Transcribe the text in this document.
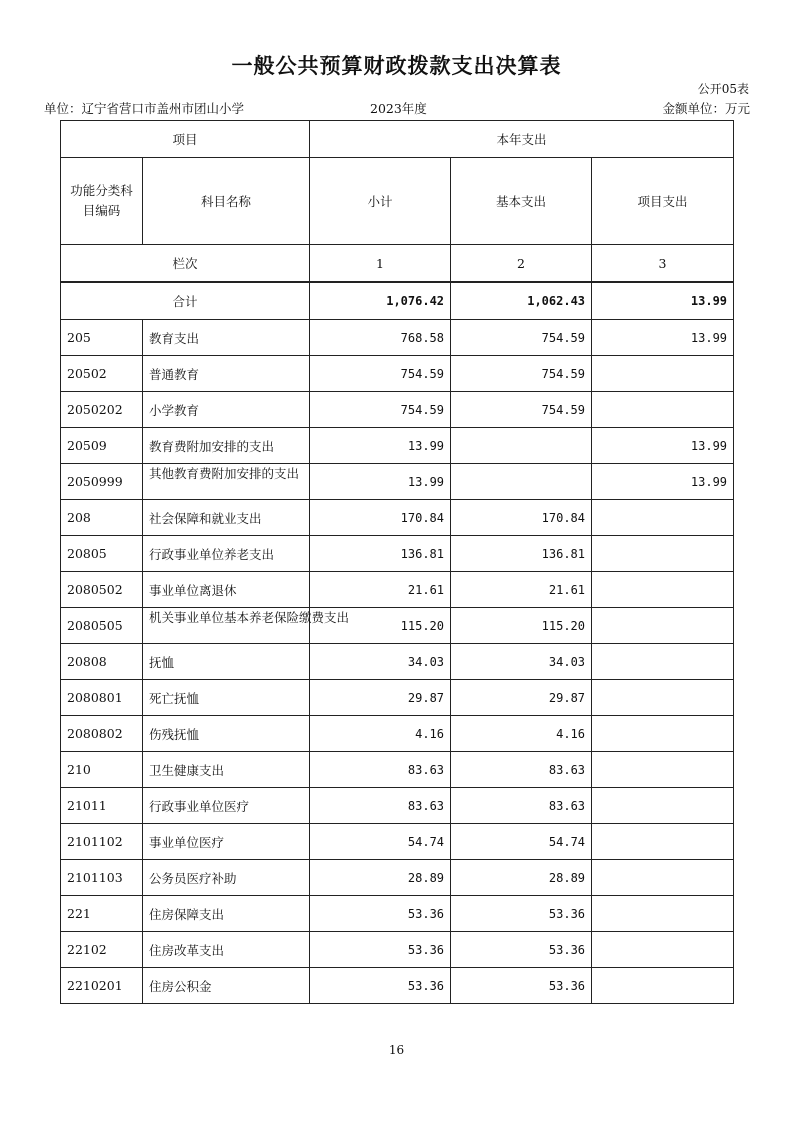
一般公共预算财政拨款支出决算表
公开05表
单位：辽宁省营口市盖州市团山小学	2023年度	金额单位：万元
项目		本年支出		
功能分类科目编码	科目名称	小计	基本支出	项目支出
栏次		1	2	3
合计		1,076.42	1,062.43	13.99
205	教育支出	768.58	754.59	13.99
20502	普通教育	754.59	754.59	
2050202	小学教育	754.59	754.59	
20509	教育费附加安排的支出	13.99		13.99
2050999	其他教育费附加安排的支出	13.99		13.99
208	社会保障和就业支出	170.84	170.84	
20805	行政事业单位养老支出	136.81	136.81	
2080502	事业单位离退休	21.61	21.61	
2080505	机关事业单位基本养老保险缴费支出	115.20	115.20	
20808	抚恤	34.03	34.03	
2080801	死亡抚恤	29.87	29.87	
2080802	伤残抚恤	4.16	4.16	
210	卫生健康支出	83.63	83.63	
21011	行政事业单位医疗	83.63	83.63	
2101102	事业单位医疗	54.74	54.74	
2101103	公务员医疗补助	28.89	28.89	
221	住房保障支出	53.36	53.36	
22102	住房改革支出	53.36	53.36	
2210201	住房公积金	53.36	53.36	
16
